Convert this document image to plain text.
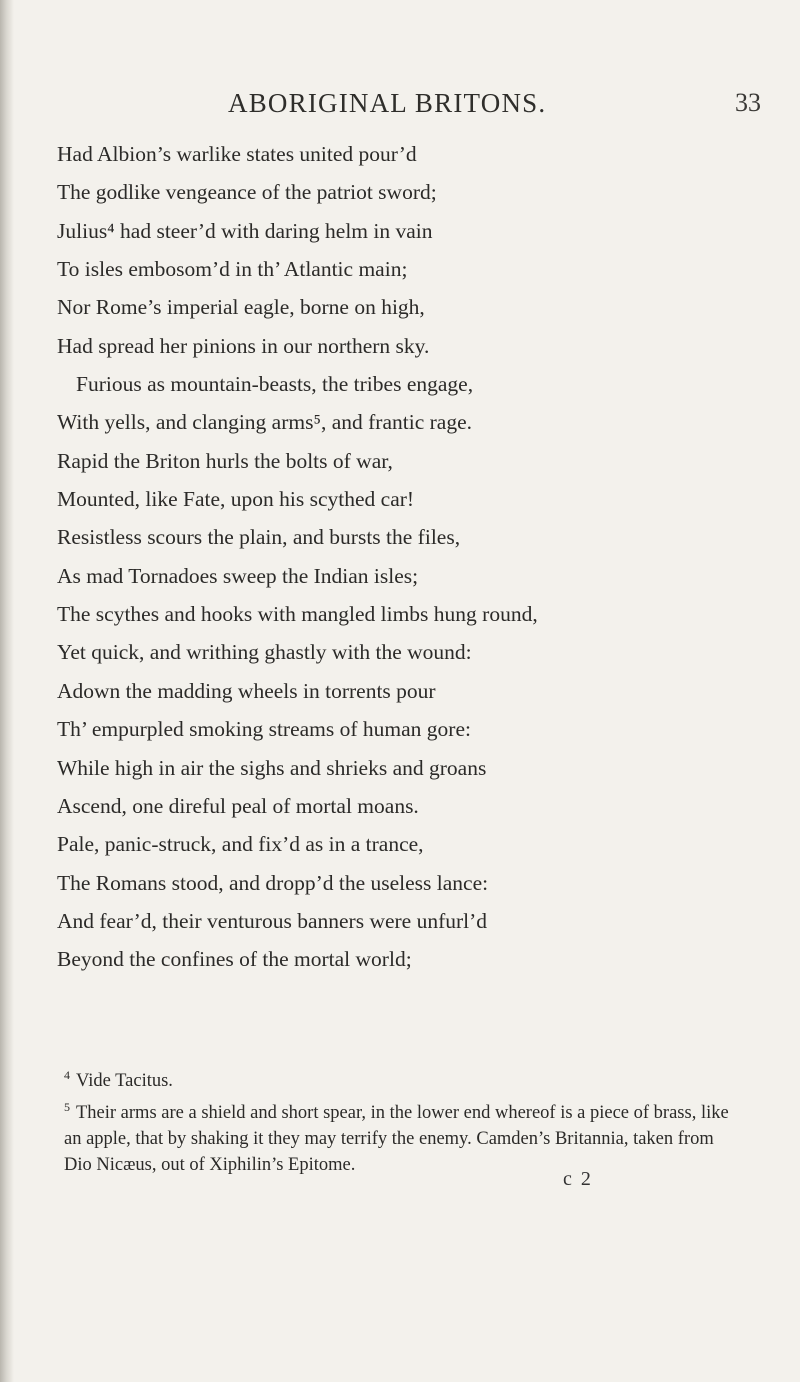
ABORIGINAL BRITONS.	33
Had Albion’s warlike states united pour’d
The godlike vengeance of the patriot sword;
Julius⁴ had steer’d with daring helm in vain
To isles embosom’d in th’ Atlantic main;
Nor Rome’s imperial eagle, borne on high,
Had spread her pinions in our northern sky.
Furious as mountain-beasts, the tribes engage,
With yells, and clanging arms⁵, and frantic rage.
Rapid the Briton hurls the bolts of war,
Mounted, like Fate, upon his scythed car!
Resistless scours the plain, and bursts the files,
As mad Tornadoes sweep the Indian isles;
The scythes and hooks with mangled limbs hung round,
Yet quick, and writhing ghastly with the wound:
Adown the madding wheels in torrents pour
Th’ empurpled smoking streams of human gore:
While high in air the sighs and shrieks and groans
Ascend, one direful peal of mortal moans.
Pale, panic-struck, and fix’d as in a trance,
The Romans stood, and dropp’d the useless lance:
And fear’d, their venturous banners were unfurl’d
Beyond the confines of the mortal world;

$^4$ Vide Tacitus.

$^5$ Their arms are a shield and short spear, in the lower end whereof is a piece of brass, like an apple, that by shaking it they may terrify the enemy. Camden’s Britannia, taken from Dio Nicæus, out of Xiphilin’s Epitome.

c 2
